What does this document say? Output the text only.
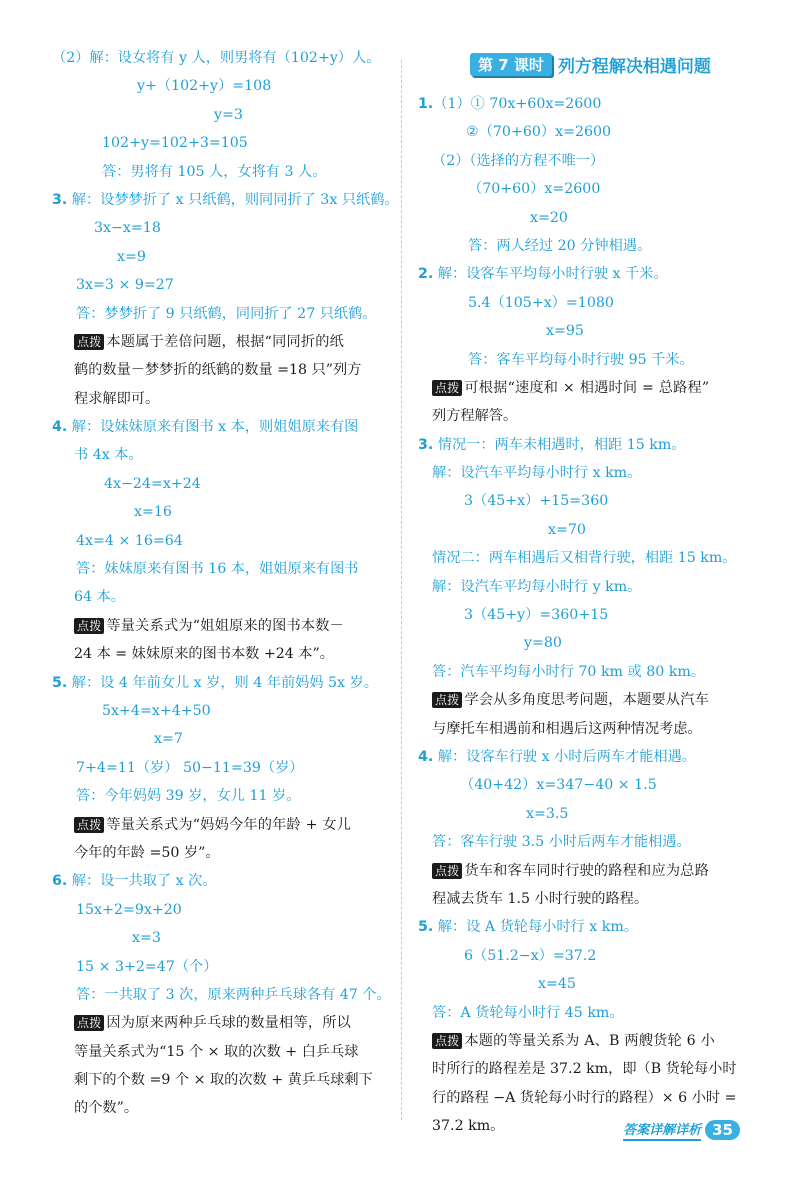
（2）解：设女将有 y 人，则男将有（102+y）人。
y+（102+y）=108
y=3
102+y=102+3=105
答：男将有 105 人，女将有 3 人。
3. 解：设梦梦折了 x 只纸鹤，则同同折了 3x 只纸鹤。
3x−x=18
x=9
3x=3 × 9=27
答：梦梦折了 9 只纸鹤，同同折了 27 只纸鹤。
点拨 本题属于差倍问题，根据“同同折的纸
鹤的数量－梦梦折的纸鹤的数量 =18 只”列方
程求解即可。
4. 解：设妹妹原来有图书 x 本，则姐姐原来有图
书 4x 本。
4x−24=x+24
x=16
4x=4 × 16=64
答：妹妹原来有图书 16 本，姐姐原来有图书
64 本。
点拨 等量关系式为“姐姐原来的图书本数－
24 本 = 妹妹原来的图书本数 +24 本”。
5. 解：设 4 年前女儿 x 岁，则 4 年前妈妈 5x 岁。
5x+4=x+4+50
x=7
7+4=11（岁） 50−11=39（岁）
答：今年妈妈 39 岁，女儿 11 岁。
点拨 等量关系式为“妈妈今年的年龄 + 女儿
今年的年龄 =50 岁”。
6. 解：设一共取了 x 次。
15x+2=9x+20
x=3
15 × 3+2=47（个）
答：一共取了 3 次，原来两种乒乓球各有 47 个。
点拨 因为原来两种乒乓球的数量相等，所以
等量关系式为“15 个 × 取的次数 + 白乒乓球
剩下的个数 =9 个 × 取的次数 + 黄乒乓球剩下
的个数”。
第 7 课时 列方程解决相遇问题
1.（1）① 70x+60x=2600
②（70+60）x=2600
（2）（选择的方程不唯一）
（70+60）x=2600
x=20
答：两人经过 20 分钟相遇。
2. 解：设客车平均每小时行驶 x 千米。
5.4（105+x）=1080
x=95
答：客车平均每小时行驶 95 千米。
点拨 可根据“速度和 × 相遇时间 = 总路程”
列方程解答。
3. 情况一：两车未相遇时，相距 15 km。
解：设汽车平均每小时行 x km。
3（45+x）+15=360
x=70
情况二：两车相遇后又相背行驶，相距 15 km。
解：设汽车平均每小时行 y km。
3（45+y）=360+15
y=80
答：汽车平均每小时行 70 km 或 80 km。
点拨 学会从多角度思考问题，本题要从汽车
与摩托车相遇前和相遇后这两种情况考虑。
4. 解：设客车行驶 x 小时后两车才能相遇。
（40+42）x=347−40 × 1.5
x=3.5
答：客车行驶 3.5 小时后两车才能相遇。
点拨 货车和客车同时行驶的路程和应为总路
程减去货车 1.5 小时行驶的路程。
5. 解：设 A 货轮每小时行 x km。
6（51.2−x）=37.2
x=45
答：A 货轮每小时行 45 km。
点拨 本题的等量关系为 A、B 两艘货轮 6 小
时所行的路程差是 37.2 km，即（B 货轮每小时
行的路程 −A 货轮每小时行的路程）× 6 小时 =
37.2 km。	答案详解详析 35
